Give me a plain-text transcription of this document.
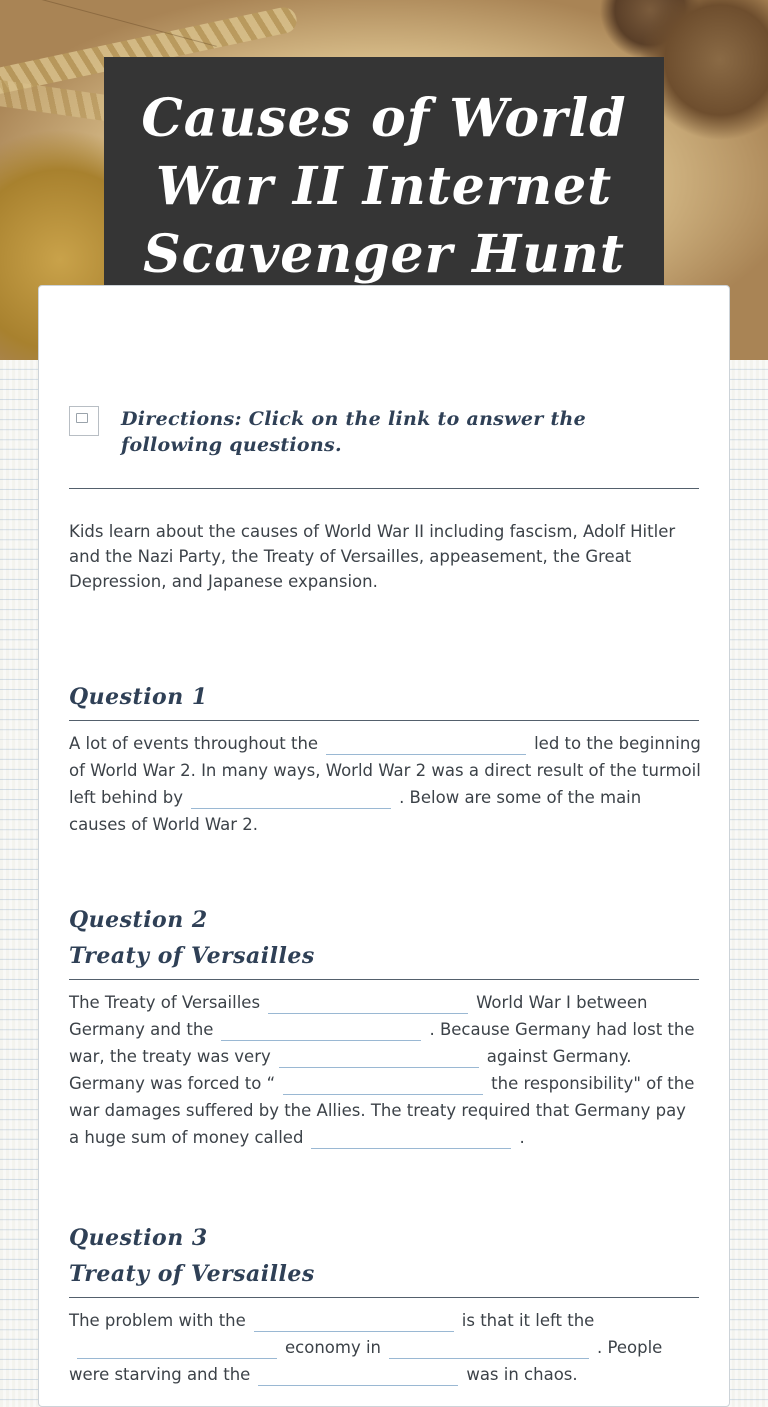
Causes of World War II Internet Scavenger Hunt
Directions: Click on the link to answer the following questions.

Kids learn about the causes of World War II including fascism, Adolf Hitler and the Nazi Party, the Treaty of Versailles, appeasement, the Great Depression, and Japanese expansion.

Question 1

A lot of events throughout the	led to the beginning of World War 2. In many ways, World War 2 was a direct result of the turmoil left behind by	. Below are some of the main causes of World War 2.

Question 2
Treaty of Versailles

The Treaty of Versailles	World War I between Germany and the	. Because Germany had lost the war, the treaty was very	against Germany. Germany was forced to “	the responsibility" of the war damages suffered by the Allies. The treaty required that Germany pay a huge sum of money called	.

Question 3
Treaty of Versailles

The problem with the	is that it left theeconomy in	. People were starving and the	was in chaos.
